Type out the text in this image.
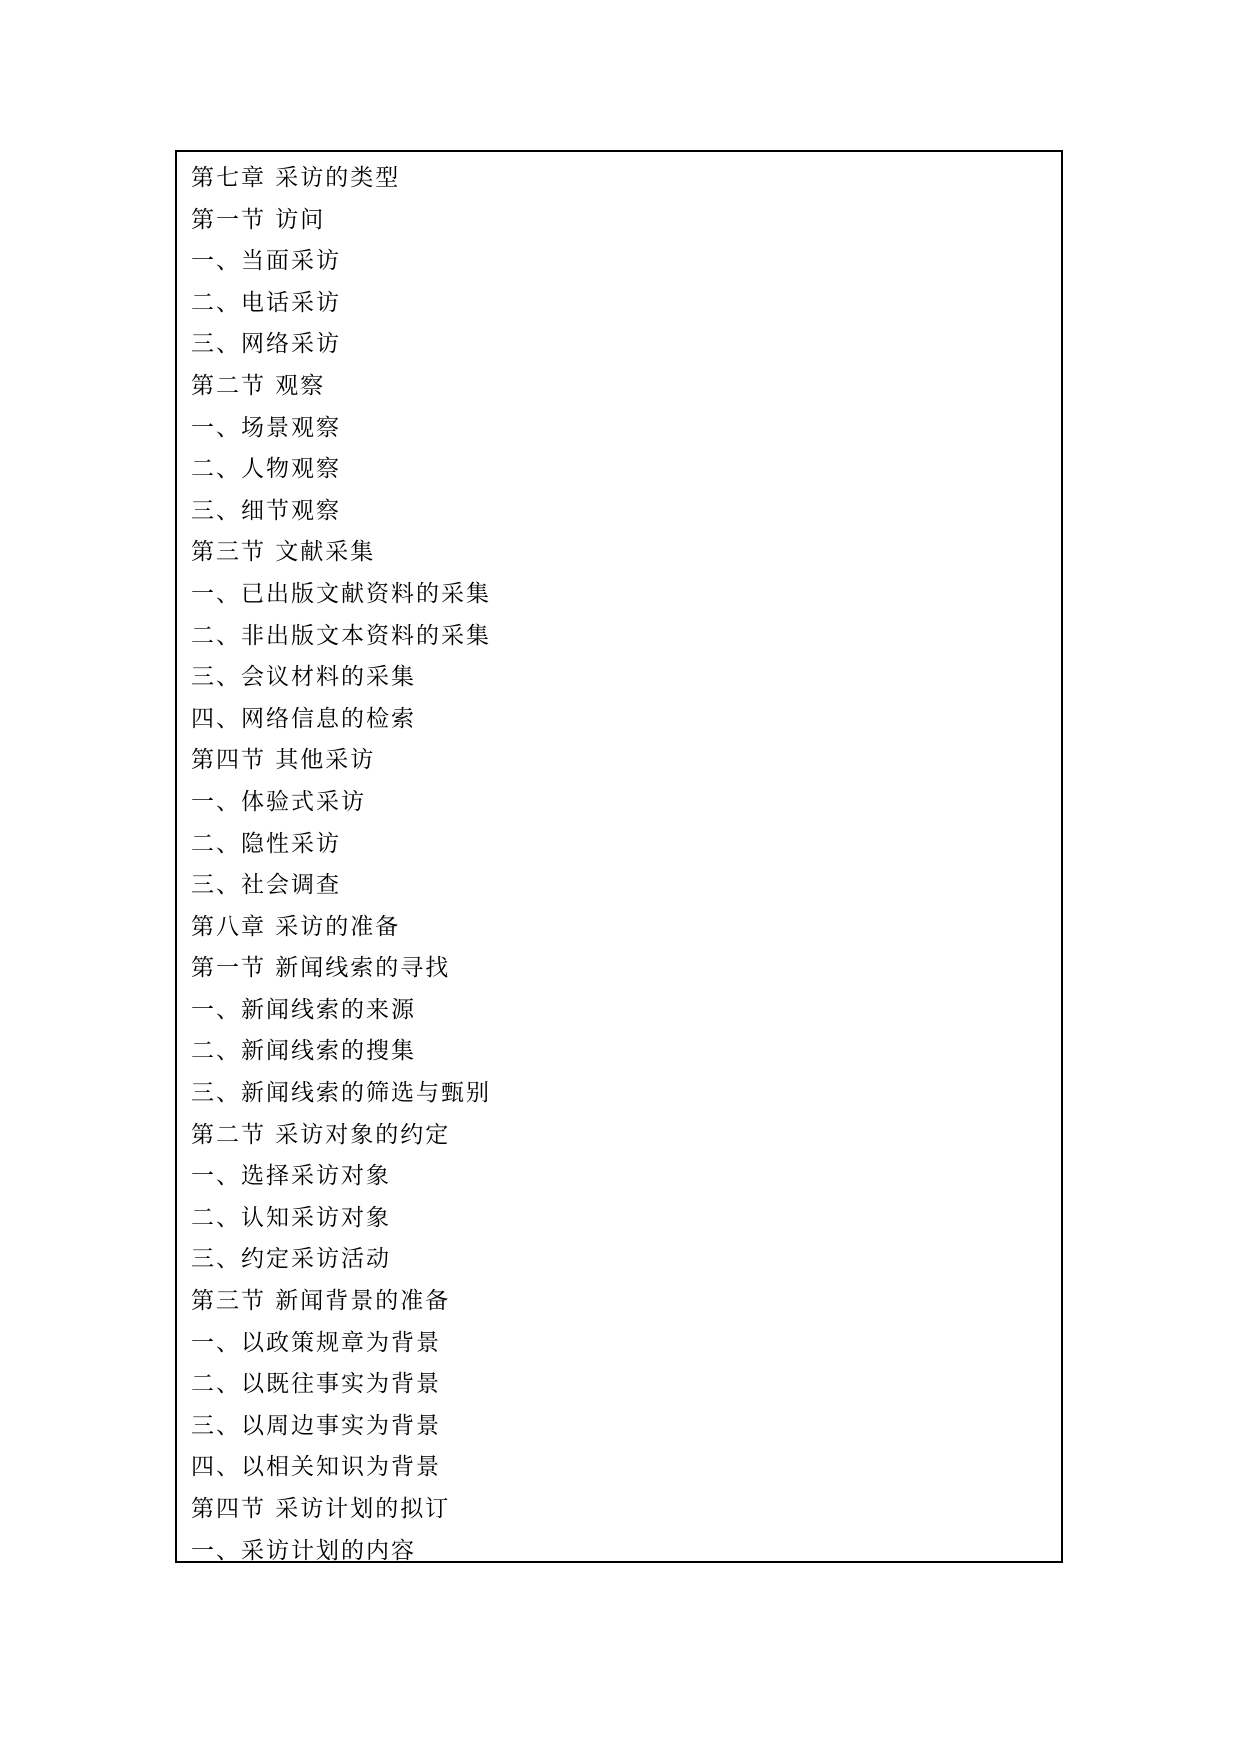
第七章 采访的类型
第一节 访问
一、当面采访
二、电话采访
三、网络采访
第二节 观察
一、场景观察
二、人物观察
三、细节观察
第三节 文献采集
一、已出版文献资料的采集
二、非出版文本资料的采集
三、会议材料的采集
四、网络信息的检索
第四节 其他采访
一、体验式采访
二、隐性采访
三、社会调查
第八章 采访的准备
第一节 新闻线索的寻找
一、新闻线索的来源
二、新闻线索的搜集
三、新闻线索的筛选与甄别
第二节 采访对象的约定
一、选择采访对象
二、认知采访对象
三、约定采访活动
第三节 新闻背景的准备
一、以政策规章为背景
二、以既往事实为背景
三、以周边事实为背景
四、以相关知识为背景
第四节 采访计划的拟订
一、采访计划的内容
